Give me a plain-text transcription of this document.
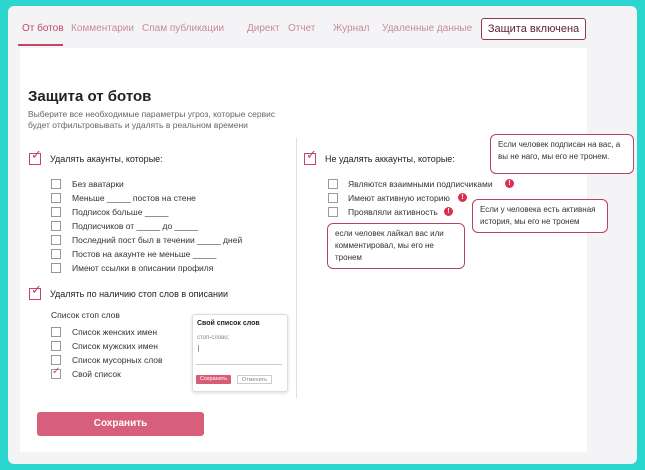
От ботов Комментарии Спам публикации Директ Отчет Журнал Удаленные данные	Защита включена
Защита от ботов
Выберите все необходимые параметры угроз, которые сервис будет отфильтровывать и удалять в реальном времени
✓ Удалять акаунты, которые:
Без аватарки
Меньше _____ постов на стене
Подписок больше _____
Подписчиков от _____ до _____
Последний пост был в течении _____ дней
Постов на акаунте не меньше _____
Имеют ссылки в описании профиля
✓ Удалять по наличию стоп слов в описании
Список стоп слов
Список женских имен
Список мужских имен
Список мусорных слов
✓ Свой список
Свой список слов
стоп-слово;
Сохранить	Отменить
✓ Не удалять аккаунты, которые:
Являются взаимными подписчиками	!
Имеют активную историю	!
Проявляли активность	!
Сохранить
Если человек подписан на вас, а вы не наго, мы его не тронем.
Если у человека есть активная история, мы его не тронем
если человек лайкал вас или комментировал, мы его не тронем
